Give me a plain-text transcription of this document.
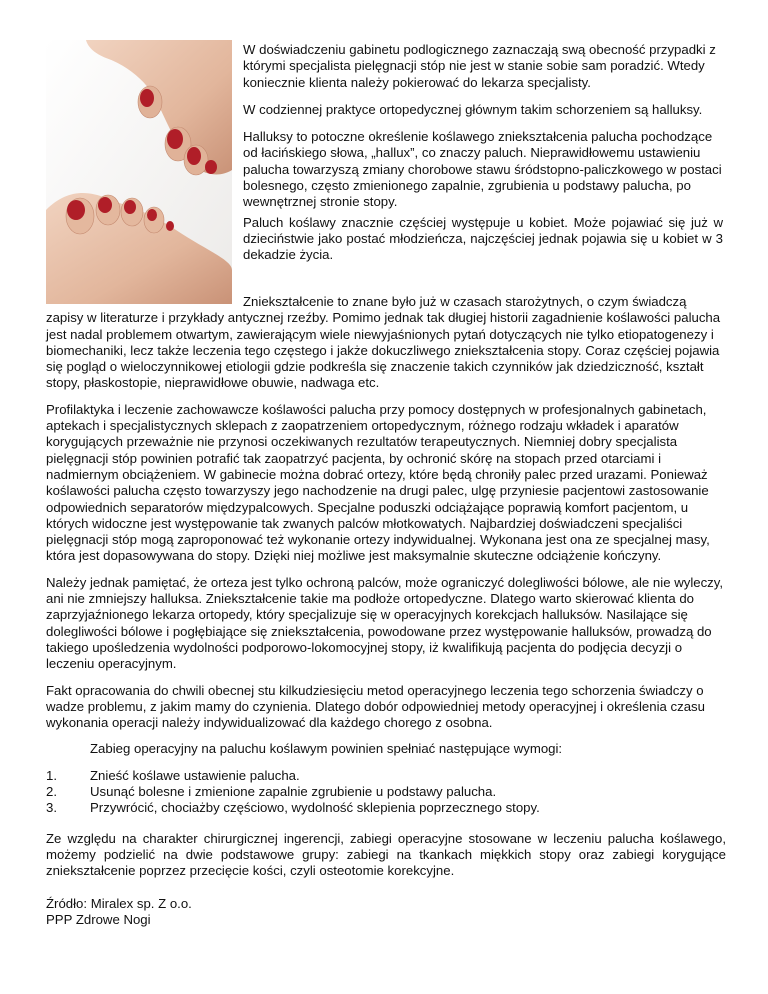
W doświadczeniu gabinetu podlogicznego zaznaczają swą obecność przypadki z którymi specjalista pielęgnacji stóp nie jest w stanie sobie sam poradzić. Wtedy koniecznie klienta należy pokierować do lekarza specjalisty.

W codziennej praktyce ortopedycznej głównym takim schorzeniem są halluksy.

Halluksy to potoczne określenie koślawego zniekształcenia palucha pochodzące od łacińskiego słowa, „hallux”, co znaczy paluch. Nieprawidłowemu ustawieniu palucha towarzyszą zmiany chorobowe stawu śródstopno-paliczkowego w postaci bolesnego, często zmienionego zapalnie, zgrubienia u podstawy palucha, po wewnętrznej stronie stopy.

Paluch koślawy znacznie częściej występuje u kobiet. Może pojawiać się już w dzieciństwie jako postać młodzieńcza, najczęściej jednak pojawia się u kobiet w 3 dekadzie życia.

Zniekształcenie to znane było już w czasach starożytnych, o czym świadczą zapisy w literaturze i przykłady antycznej rzeźby. Pomimo jednak tak długiej historii zagadnienie koślawości palucha jest nadal problemem otwartym, zawierającym wiele niewyjaśnionych pytań dotyczących nie tylko etiopatogenezy i biomechaniki, lecz także leczenia tego częstego i jakże dokuczliwego zniekształcenia stopy. Coraz częściej pojawia się pogląd o wieloczynnikowej etiologii gdzie podkreśla się znaczenie takich czynników jak dziedziczność, kształt stopy, płaskostopie, nieprawidłowe obuwie, nadwaga etc.

Profilaktyka i leczenie zachowawcze koślawości palucha przy pomocy dostępnych w profesjonalnych gabinetach, aptekach i specjalistycznych sklepach z zaopatrzeniem ortopedycznym, różnego rodzaju wkładek i aparatów korygujących przeważnie nie przynosi oczekiwanych rezultatów terapeutycznych. Niemniej dobry specjalista pielęgnacji stóp powinien potrafić tak zaopatrzyć pacjenta, by ochronić skórę na stopach przed otarciami i nadmiernym obciążeniem. W gabinecie można dobrać ortezy, które będą chroniły palec przed urazami. Ponieważ koślawości palucha często towarzyszy jego nachodzenie na drugi palec, ulgę przyniesie pacjentowi zastosowanie odpowiednich separatorów międzypalcowych. Specjalne poduszki odciążające poprawią komfort pacjentom, u których widoczne jest występowanie tak zwanych palców młotkowatych. Najbardziej doświadczeni specjaliści pielęgnacji stóp mogą zaproponować też wykonanie ortezy indywidualnej. Wykonana jest ona ze specjalnej masy, która jest dopasowywana do stopy. Dzięki niej możliwe jest maksymalnie skuteczne odciążenie kończyny.

Należy jednak pamiętać, że orteza jest tylko ochroną palców, może ograniczyć dolegliwości bólowe, ale nie wyleczy, ani nie zmniejszy halluksa. Zniekształcenie takie ma podłoże ortopedyczne. Dlatego warto skierować klienta do zaprzyjaźnionego lekarza ortopedy, który specjalizuje się w operacyjnych korekcjach halluksów. Nasilające się dolegliwości bólowe i pogłębiające się zniekształcenia, powodowane przez występowanie halluksów, prowadzą do takiego upośledzenia wydolności podporowo-lokomocyjnej stopy, iż kwalifikują pacjenta do podjęcia decyzji o leczeniu operacyjnym.

Fakt opracowania do chwili obecnej stu kilkudziesięciu metod operacyjnego leczenia tego schorzenia świadczy o wadze problemu, z jakim mamy do czynienia. Dlatego dobór odpowiedniej metody operacyjnej i określenia czasu wykonania operacji należy indywidualizować dla każdego chorego z osobna.

Zabieg operacyjny na paluchu koślawym powinien spełniać następujące wymogi:

1.	Znieść koślawe ustawienie palucha.
2.	Usunąć bolesne i zmienione zapalnie zgrubienie u podstawy palucha.
3.	Przywrócić, chociażby częściowo, wydolność sklepienia poprzecznego stopy.

Ze względu na charakter chirurgicznej ingerencji, zabiegi operacyjne stosowane w leczeniu palucha koślawego, możemy podzielić na dwie podstawowe grupy: zabiegi na tkankach miękkich stopy oraz zabiegi korygujące zniekształcenie poprzez przecięcie kości, czyli osteotomie korekcyjne.

Źródło: Miralex sp. Z o.o.

PPP Zdrowe Nogi
